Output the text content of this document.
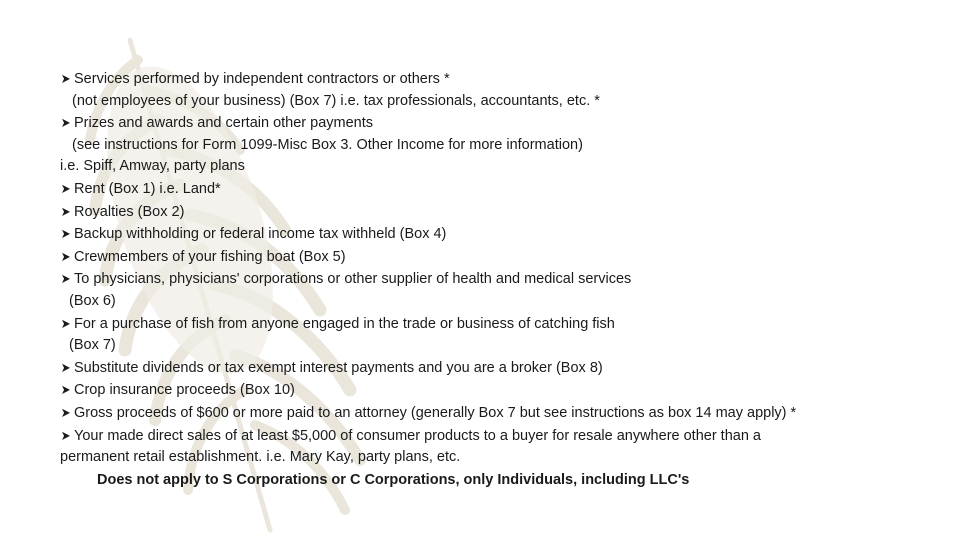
➤ Services performed by independent contractors or others *
(not employees of your business) (Box 7) i.e. tax professionals, accountants, etc. *
➤ Prizes and awards and certain other payments
(see instructions for Form 1099-Misc Box 3. Other Income for more information)
i.e. Spiff, Amway, party plans
➤ Rent (Box 1) i.e. Land*
➤ Royalties (Box 2)
➤ Backup withholding or federal income tax withheld (Box 4)
➤ Crewmembers of your fishing boat (Box 5)
➤ To physicians, physicians' corporations or other supplier of health and medical services
(Box 6)
➤ For a purchase of fish from anyone engaged in the trade or business of catching fish
(Box 7)
➤ Substitute dividends or tax exempt interest payments and you are a broker (Box 8)
➤ Crop insurance proceeds (Box 10)
➤ Gross proceeds of $600 or more paid to an attorney (generally Box 7 but see instructions as box 14 may apply) *
➤ Your made direct sales of at least $5,000 of consumer products to a buyer for resale anywhere other than a
permanent retail establishment. i.e. Mary Kay, party plans, etc.
Does not apply to S Corporations or C Corporations, only Individuals, including LLC's
